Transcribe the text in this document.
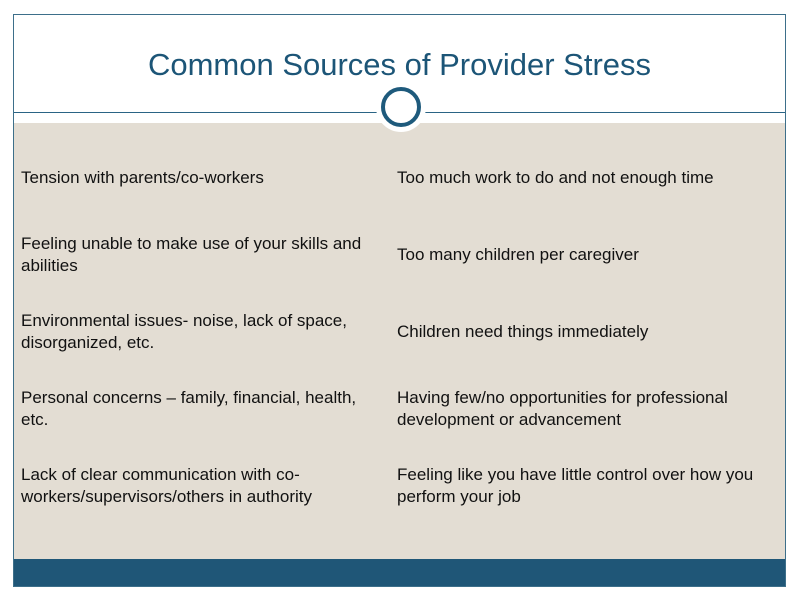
Common Sources of Provider Stress
Tension with parents/co-workers	Too much work to do and not enough time
Feeling unable to make use of your skills and abilities
Too many children per caregiver
Environmental issues- noise, lack of space, disorganized, etc.
Children need things immediately
Personal concerns – family, financial, health, etc.
Having few/no opportunities for professional development or advancement
Lack of clear communication with co-workers/supervisors/others in authority
Feeling like you have little control over how you perform your job
